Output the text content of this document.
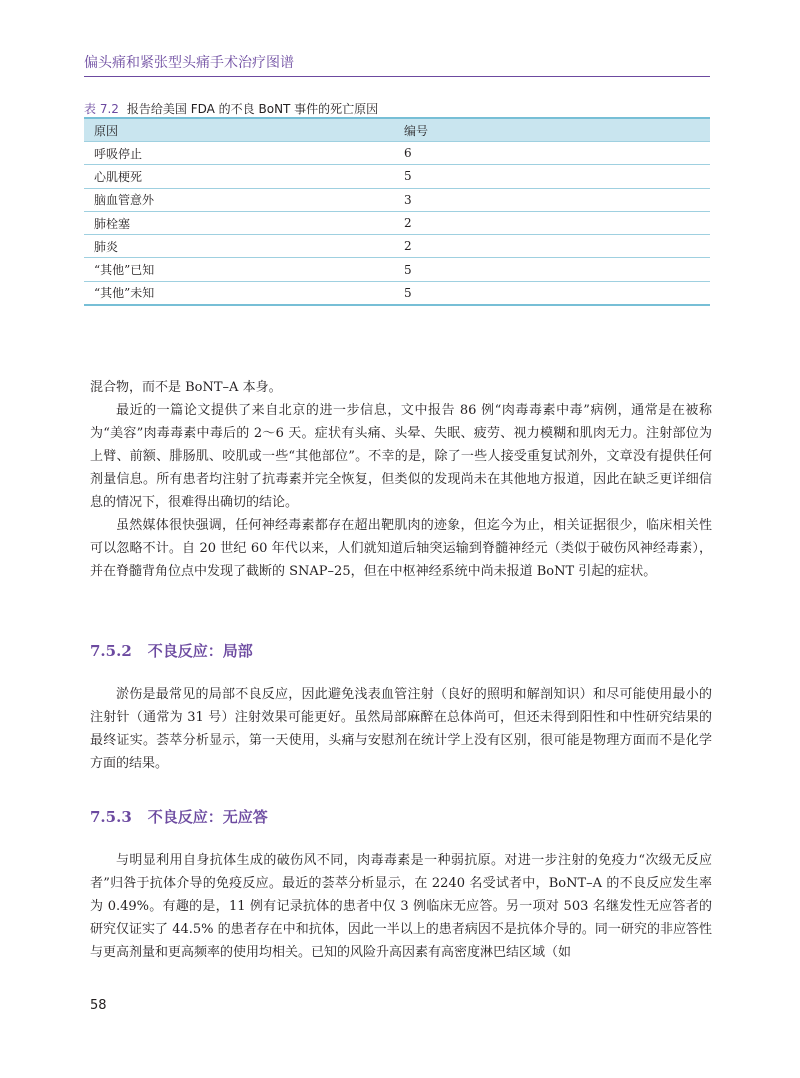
偏头痛和紧张型头痛手术治疗图谱
表 7.2 报告给美国 FDA 的不良 BoNT 事件的死亡原因
原因	编号
呼吸停止	6
心肌梗死	5
脑血管意外	3
肺栓塞	2
肺炎	2
“其他”已知	5
“其他”未知	5

混合物，而不是 BoNT–A 本身。

最近的一篇论文提供了来自北京的进一步信息，文中报告 86 例“肉毒毒素中毒”病例，通常是在被称为“美容”肉毒毒素中毒后的 2～6 天。症状有头痛、头晕、失眠、疲劳、视力模糊和肌肉无力。注射部位为上臂、前额、腓肠肌、咬肌或一些“其他部位”。不幸的是，除了一些人接受重复试剂外，文章没有提供任何剂量信息。所有患者均注射了抗毒素并完全恢复，但类似的发现尚未在其他地方报道，因此在缺乏更详细信息的情况下，很难得出确切的结论。

虽然媒体很快强调，任何神经毒素都存在超出靶肌肉的迹象，但迄今为止，相关证据很少，临床相关性可以忽略不计。自 20 世纪 60 年代以来，人们就知道后轴突运输到脊髓神经元（类似于破伤风神经毒素），并在脊髓背角位点中发现了截断的 SNAP–25，但在中枢神经系统中尚未报道 BoNT 引起的症状。

7.5.2 不良反应：局部

淤伤是最常见的局部不良反应，因此避免浅表血管注射（良好的照明和解剖知识）和尽可能使用最小的注射针（通常为 31 号）注射效果可能更好。虽然局部麻醉在总体尚可，但还未得到阳性和中性研究结果的最终证实。荟萃分析显示，第一天使用，头痛与安慰剂在统计学上没有区别，很可能是物理方面而不是化学方面的结果。

7.5.3 不良反应：无应答

与明显利用自身抗体生成的破伤风不同，肉毒毒素是一种弱抗原。对进一步注射的免疫力“次级无反应者”归咎于抗体介导的免疫反应。最近的荟萃分析显示，在 2240 名受试者中，BoNT–A 的不良反应发生率为 0.49%。有趣的是，11 例有记录抗体的患者中仅 3 例临床无应答。另一项对 503 名继发性无应答者的研究仅证实了 44.5% 的患者存在中和抗体，因此一半以上的患者病因不是抗体介导的。同一研究的非应答性与更高剂量和更高频率的使用均相关。已知的风险升高因素有高密度淋巴结区域（如

58
